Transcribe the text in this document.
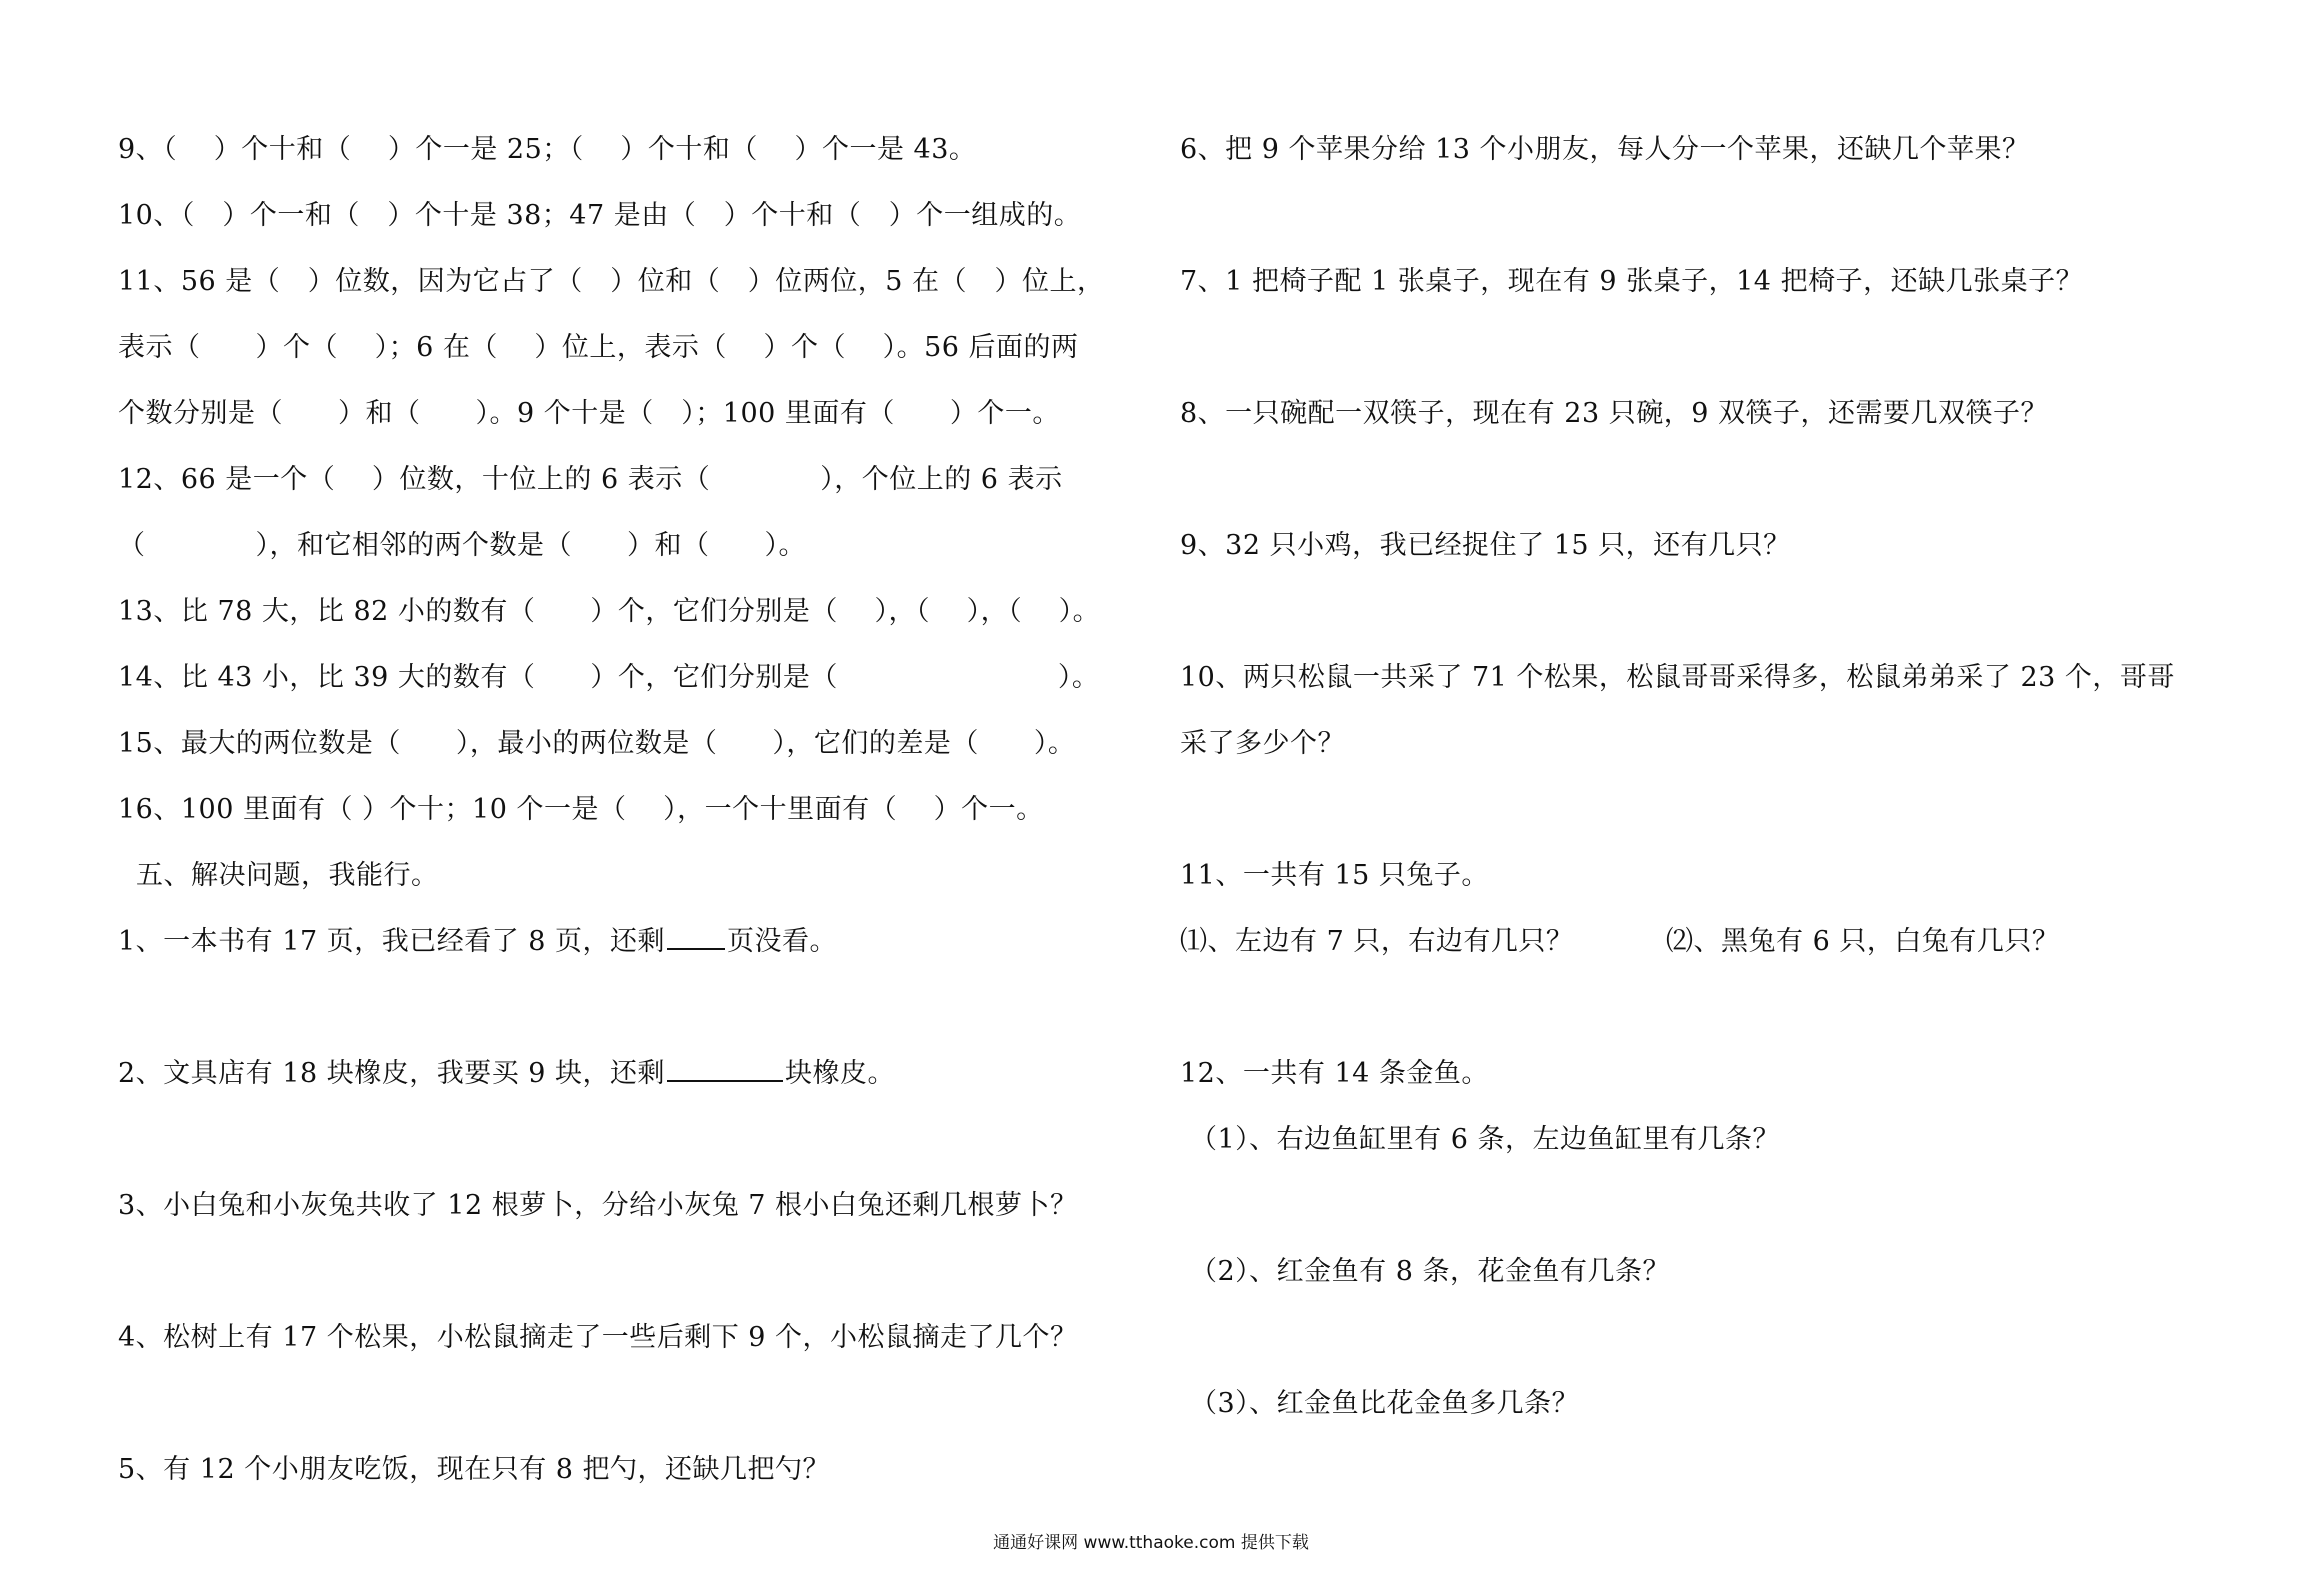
9、（　 ）个十和（　 ）个一是 25；（　 ）个十和（　 ）个一是 43。
10、（　）个一和（　）个十是 38；47 是由（　）个十和（　）个一组成的。
11、56 是（　）位数，因为它占了（　）位和（　）位两位，5 在（　）位上，
表示（　　）个（　 ）；6 在（　 ）位上，表示（　 ）个（　 ）。56 后面的两
个数分别是（　　）和（　　）。9 个十是（　）；100 里面有（　　）个一。
12、66 是一个（　 ）位数，十位上的 6 表示（　　　　），个位上的 6 表示
（　　　　），和它相邻的两个数是（　　）和（　　）。
13、比 78 大，比 82 小的数有（　　）个，它们分别是（　 ），（　 ），（　 ）。
14、比 43 小，比 39 大的数有（　　）个，它们分别是（　　　　　　　　）。
15、最大的两位数是（　　），最小的两位数是（　　），它们的差是（　　）。
16、100 里面有（ ）个十；10 个一是（　 ），一个十里面有（　 ）个一。
五、解决问题，我能行。
1、一本书有 17 页，我已经看了 8 页，还剩 页没看。
2、文具店有 18 块橡皮，我要买 9 块，还剩	块橡皮。
3、小白兔和小灰兔共收了 12 根萝卜，分给小灰兔 7 根小白兔还剩几根萝卜？
4、松树上有 17 个松果，小松鼠摘走了一些后剩下 9 个，小松鼠摘走了几个？
5、有 12 个小朋友吃饭，现在只有 8 把勺，还缺几把勺？
6、把 9 个苹果分给 13 个小朋友，每人分一个苹果，还缺几个苹果？
7、1 把椅子配 1 张桌子，现在有 9 张桌子，14 把椅子，还缺几张桌子？
8、一只碗配一双筷子，现在有 23 只碗，9 双筷子，还需要几双筷子？
9、32 只小鸡，我已经捉住了 15 只，还有几只？
10、两只松鼠一共采了 71 个松果，松鼠哥哥采得多，松鼠弟弟采了 23 个，哥哥
采了多少个？
11、一共有 15 只兔子。
⑴、左边有 7 只，右边有几只？	⑵、黑兔有 6 只，白兔有几只？
12、一共有 14 条金鱼。
（1）、右边鱼缸里有 6 条，左边鱼缸里有几条？
（2）、红金鱼有 8 条，花金鱼有几条？
（3）、红金鱼比花金鱼多几条？
通通好课网 www.tthaoke.com 提供下载
